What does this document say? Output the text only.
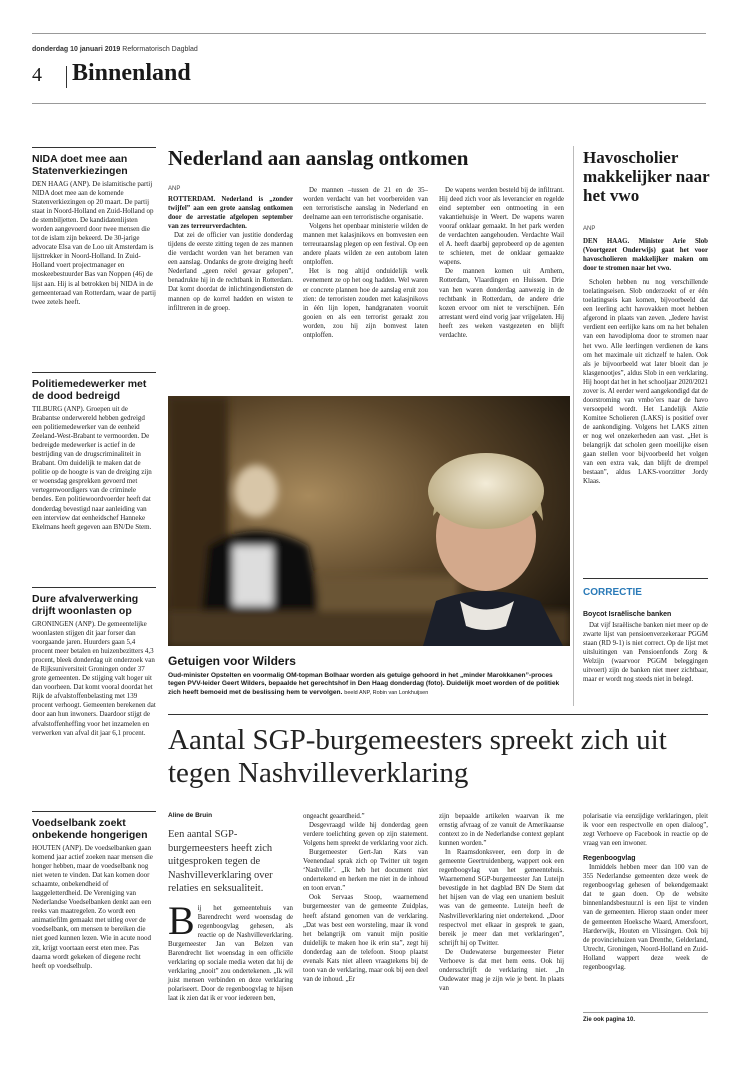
donderdag 10 januari 2019 Reformatorisch Dagblad
4 Binnenland
NIDA doet mee aan Statenverkiezingen
DEN HAAG (ANP). De islamitische partij NIDA doet mee aan de komende Statenverkiezingen op 20 maart. De partij staat in Noord-Holland en Zuid-Holland op de stembiljetten. De kandidatenlijsten worden aangevoerd door twee mensen die tot de islam zijn bekeerd. De 30-jarige advocate Elsa van de Loo uit Amsterdam is lijsttrekker in Noord-Holland. In Zuid-Holland voert projectmanager en moskeebestuurder Bas van Noppen (46) de lijst aan. Hij is al betrokken bij NIDA in de gemeenteraad van Rotterdam, waar de partij twee zetels heeft.
Politiemedewerker met de dood bedreigd
TILBURG (ANP). Groepen uit de Brabantse onderwereld hebben gedreigd een politiemedewerker van de eenheid Zeeland-West-Brabant te vermoorden. De bedreigde medewerker is actief in de bestrijding van de drugscriminaliteit in Brabant. Om duidelijk te maken dat de politie op de hoogte is van de dreiging zijn er woensdag gesprekken gevoerd met vertegenwoordigers van de criminele bendes. Een politiewoordvoerder heeft dat donderdag bevestigd naar aanleiding van een interview dat eenheidschef Hanneke Ekelmans heeft gegeven aan BN/De Stem.
Dure afvalverwerking drijft woonlasten op
GRONINGEN (ANP). De gemeentelijke woonlasten stijgen dit jaar forser dan voorgaande jaren. Huurders gaan 5,4 procent meer betalen en huizenbezitters 4,3 procent, bleek donderdag uit onderzoek van de Rijksuniversiteit Groningen onder 37 grote gemeenten. De stijging valt hoger uit dan voorheen. Dat komt vooral doordat het Rijk de afvalstoffenbelasting met 139 procent verhoogt. Gemeenten berekenen dat door aan hun inwoners. Daardoor stijgt de afvalstoffenheffing voor het inzamelen en verwerken van afval dit jaar 6,1 procent.
Voedselbank zoekt onbekende hongerigen
HOUTEN (ANP). De voedselbanken gaan komend jaar actief zoeken naar mensen die honger hebben, maar de voedselbank nog niet weten te vinden. Dat kan komen door schaamte, onbekendheid of laaggeletterdheid. De Vereniging van Nederlandse Voedselbanken denkt aan een reeks van maatregelen. Zo wordt een animatiefilm gemaakt met uitleg over de voedselbank, om mensen te bereiken die niet goed kunnen lezen. Wie in acute nood zit, krijgt voortaan eerst eten mee. Pas daarna wordt gekeken of diegene recht heeft op voedselhulp.
Nederland aan aanslag ontkomen
ANP

ROTTERDAM. Nederland is „zonder twijfel” aan een grote aanslag ontkomen door de arrestatie afgelopen september van zes terreurverdachten.

Dat zei de officier van justitie donderdag tijdens de eerste zitting tegen de zes mannen die verdacht worden van het beramen van een aanslag. Ondanks de grote dreiging heeft Nederland „geen reëel gevaar gelopen”, benadrukte hij in de rechtbank in Rotterdam. Dat komt doordat de inlichtingendiensten de mannen op de korrel hadden en wisten te infiltreren in de groep.

De mannen –tussen de 21 en de 35– worden verdacht van het voorbereiden van een terroristische aanslag in Nederland en deelname aan een terroristische organisatie.

Volgens het openbaar ministerie wilden de mannen met kalasjnikovs en bomvesten een terreuraanslag plegen op een festival. Op een andere plaats wilden ze een autobom laten ontploffen.

Het is nog altijd onduidelijk welk evenement ze op het oog hadden. Wel waren er concrete plannen hoe de aanslag eruit zou zien: de terroristen zouden met kalasjnikovs in één lijn lopen, handgranaten vooruit gooien en als een terrorist geraakt zou worden, zou hij zijn bomvest laten ontploffen.

De wapens werden besteld bij de infiltrant. Hij deed zich voor als leverancier en regelde eind september een ontmoeting in een vakantiehuisje in Weert. De wapens waren vooraf onklaar gemaakt. In het park werden de verdachten aangehouden. Verdachte Wail el A. heeft daarbij geprobeerd op de agenten te schieten, met de onklaar gemaakte wapens.

De mannen komen uit Arnhem, Rotterdam, Vlaardingen en Huissen. Drie van hen waren donderdag aanwezig in de rechtbank in Rotterdam, de andere drie kozen ervoor om niet te verschijnen. Eén arrestant werd eind vorig jaar vrijgelaten. Hij heeft zes weken vastgezeten en blijft verdachte.

Getuigen voor Wilders
Oud-minister Opstelten en voormalig OM-topman Bolhaar worden als getuige gehoord in het „minder Marokkanen”-proces tegen PVV-leider Geert Wilders, bepaalde het gerechtshof in Den Haag donderdag (foto). Duidelijk moet worden of de politiek zich heeft bemoeid met de beslissing hem te vervolgen. beeld ANP, Robin van Lonkhuijsen
Havoscholier makkelijker naar het vwo
ANP

DEN HAAG. Minister Arie Slob (Voortgezet Onderwijs) gaat het voor havoscholieren makkelijker maken om door te stromen naar het vwo.

Scholen hebben nu nog verschillende toelatingseisen. Slob onderzoekt of er één toelatingseis kan komen, bijvoorbeeld dat een leerling acht havovakken moet hebben afgerond in plaats van zeven. „Iedere havist verdient een eerlijke kans om na het behalen van een havodiploma door te stromen naar het vwo. Alle leerlingen verdienen de kans om het maximale uit zichzelf te halen. Ook als je bijvoorbeeld wat later bloeit dan je klasgenootjes”, aldus Slob in een verklaring. Hij hoopt dat het in het schooljaar 2020/2021 zover is. Al eerder werd aangekondigd dat de doorstroming van vmbo’ers naar de havo versoepeld wordt. Het Landelijk Aktie Komitee Scholieren (LAKS) is positief over de aankondiging. Volgens het LAKS zitten er nog wel onzekerheden aan vast. „Het is belangrijk dat scholen geen moeilijke eisen gaan stellen voor bijvoorbeeld het volgen van een extra vak, dan blijft de drempel bestaan”, aldus LAKS-voorzitter Jordy Klaas.

CORRECTIE
Boycot Israëlische banken

Dat vijf Israëlische banken niet meer op de zwarte lijst van pensioenverzekeraar PGGM staan (RD 9-1) is niet correct. Op de lijst met uitsluitingen van Pensioenfonds Zorg & Welzijn (waarvoor PGGM beleggingen uitvoert) zijn de banken niet meer zichtbaar, maar er wordt nog steeds niet in belegd.

Aantal SGP-burgemeesters spreekt zich uit tegen Nashvilleverklaring
Aline de Bruin
Een aantal SGP-burgemeesters heeft zich uitgesproken tegen de Nashvilleverklaring over relaties en seksualiteit.
B ij het gemeentehuis van Barendrecht werd woensdag de regenboogvlag gehesen, als reactie op de Nashvilleverklaring. Burgemeester Jan van Belzen van Barendrecht liet woensdag in een officiële verklaring op sociale media weten dat hij de verklaring „nooit” zou ondertekenen. „Ik wil juist mensen verbinden en deze verklaring polariseert. Door de regenboogvlag te hijsen laat ik zien dat ik er voor iedereen ben,

ongeacht geaardheid.”

Desgevraagd wilde hij donderdag geen verdere toelichting geven op zijn statement. Volgens hem spreekt de verklaring voor zich.

Burgemeester Gert-Jan Kats van Veenendaal sprak zich op Twitter uit tegen ‘Nashville’. „Ik heb het document niet ondertekend en herken me niet in de inhoud en toon ervan.”

Ook Servaas Stoop, waarnemend burgemeester van de gemeente Zuidplas, heeft afstand genomen van de verklaring. „Dat was best een worsteling, maar ik vond het belangrijk om vanuit mijn positie duidelijk te maken hoe ik erin sta”, zegt hij donderdag aan de telefoon. Stoop plaatst evenals Kats niet alleen vraagtekens bij de toon van de verklaring, maar ook bij een deel van de inhoud. „Er

zijn bepaalde artikelen waarvan ik me ernstig afvraag of ze vanuit de Amerikaanse context zo in de Nederlandse context geplant kunnen worden.”

In Raamsdonksveer, een dorp in de gemeente Geertruidenberg, wappert ook een regenboogvlag van het gemeentehuis. Waarnemend SGP-burgemeester Jan Luteijn bevestigde in het dagblad BN De Stem dat het hijsen van de vlag een unaniem besluit was van de gemeente. Luteijn heeft de Nashvilleverklaring niet ondertekend. „Door respectvol met elkaar in gesprek te gaan, bereik je meer dan met verklaringen”, schrijft hij op Twitter.

De Oudewaterse burgemeester Pieter Verhoeve is dat met hem eens. Ook hij ondersschrijft de verklaring niet. „In Oudewater mag je zijn wie je bent. In plaats van

polarisatie via eenzijdige verklaringen, pleit ik voor een respectvolle en open dialoog”, zegt Verhoeve op Facebook in reactie op de vraag van een inwoner.

Regenboogvlag

Inmiddels hebben meer dan 100 van de 355 Nederlandse gemeenten deze week de regenboogvlag gehesen of bekendgemaakt dat te gaan doen. Op de website binnenlandsbestuur.nl is een lijst te vinden van de gemeenten. Hierop staan onder meer de gemeenten Hoeksche Waard, Amersfoort, Harderwijk, Houten en Vlissingen. Ook bij de provinciehuizen van Drenthe, Gelderland, Utrecht, Groningen, Noord-Holland en Zuid-Holland wappert deze week de regenboogvlag.

Zie ook pagina 10.
